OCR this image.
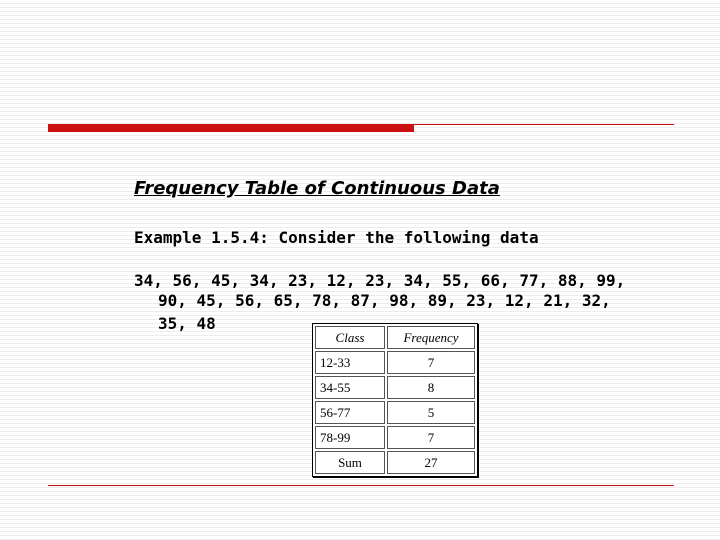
Frequency Table of Continuous Data
Example 1.5.4: Consider the following data
34, 56, 45, 34, 23, 12, 23, 34, 55, 66, 77, 88, 99,
90, 45, 56, 65, 78, 87, 98, 89, 23, 12, 21, 32,
35, 48
Class	Frequency
12-33	7
34-55	8
56-77	5
78-99	7
Sum	27
